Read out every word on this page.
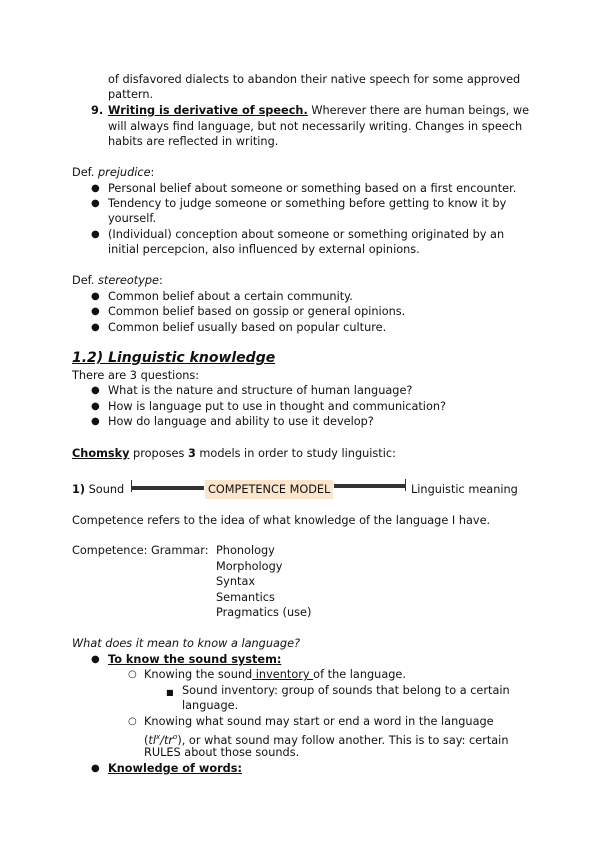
of disfavored dialects to abandon their native speech for some approved
pattern.
9. Writing is derivative of speech. Wherever there are human beings, we
will always find language, but not necessarily writing. Changes in speech
habits are reflected in writing.
Def. prejudice:
● Personal belief about someone or something based on a first encounter.
● Tendency to judge someone or something before getting to know it by
yourself.
● (Individual) conception about someone or something originated by an
initial percepcion, also influenced by external opinions.
Def. stereotype:
● Common belief about a certain community.
● Common belief based on gossip or general opinions.
● Common belief usually based on popular culture.
1.2) Linguistic knowledge
There are 3 questions:
● What is the nature and structure of human language?
● How is language put to use in thought and communication?
● How do language and ability to use it develop?
Chomsky proposes 3 models in order to study linguistic:
1) Sound	COMPETENCE MODEL	Linguistic meaning
Competence refers to the idea of what knowledge of the language I have.
Competence: Grammar: Phonology
Morphology
Syntax
Semantics
Pragmatics (use)
What does it mean to know a language?
● To know the sound system:
○ Knowing the sound inventory of the language.
■ Sound inventory: group of sounds that belong to a certain
language.
○ Knowing what sound may start or end a word in the language
$(tl^x/tr^o)$, or what sound may follow another. This is to say: certain
RULES about those sounds.
● Knowledge of words:
